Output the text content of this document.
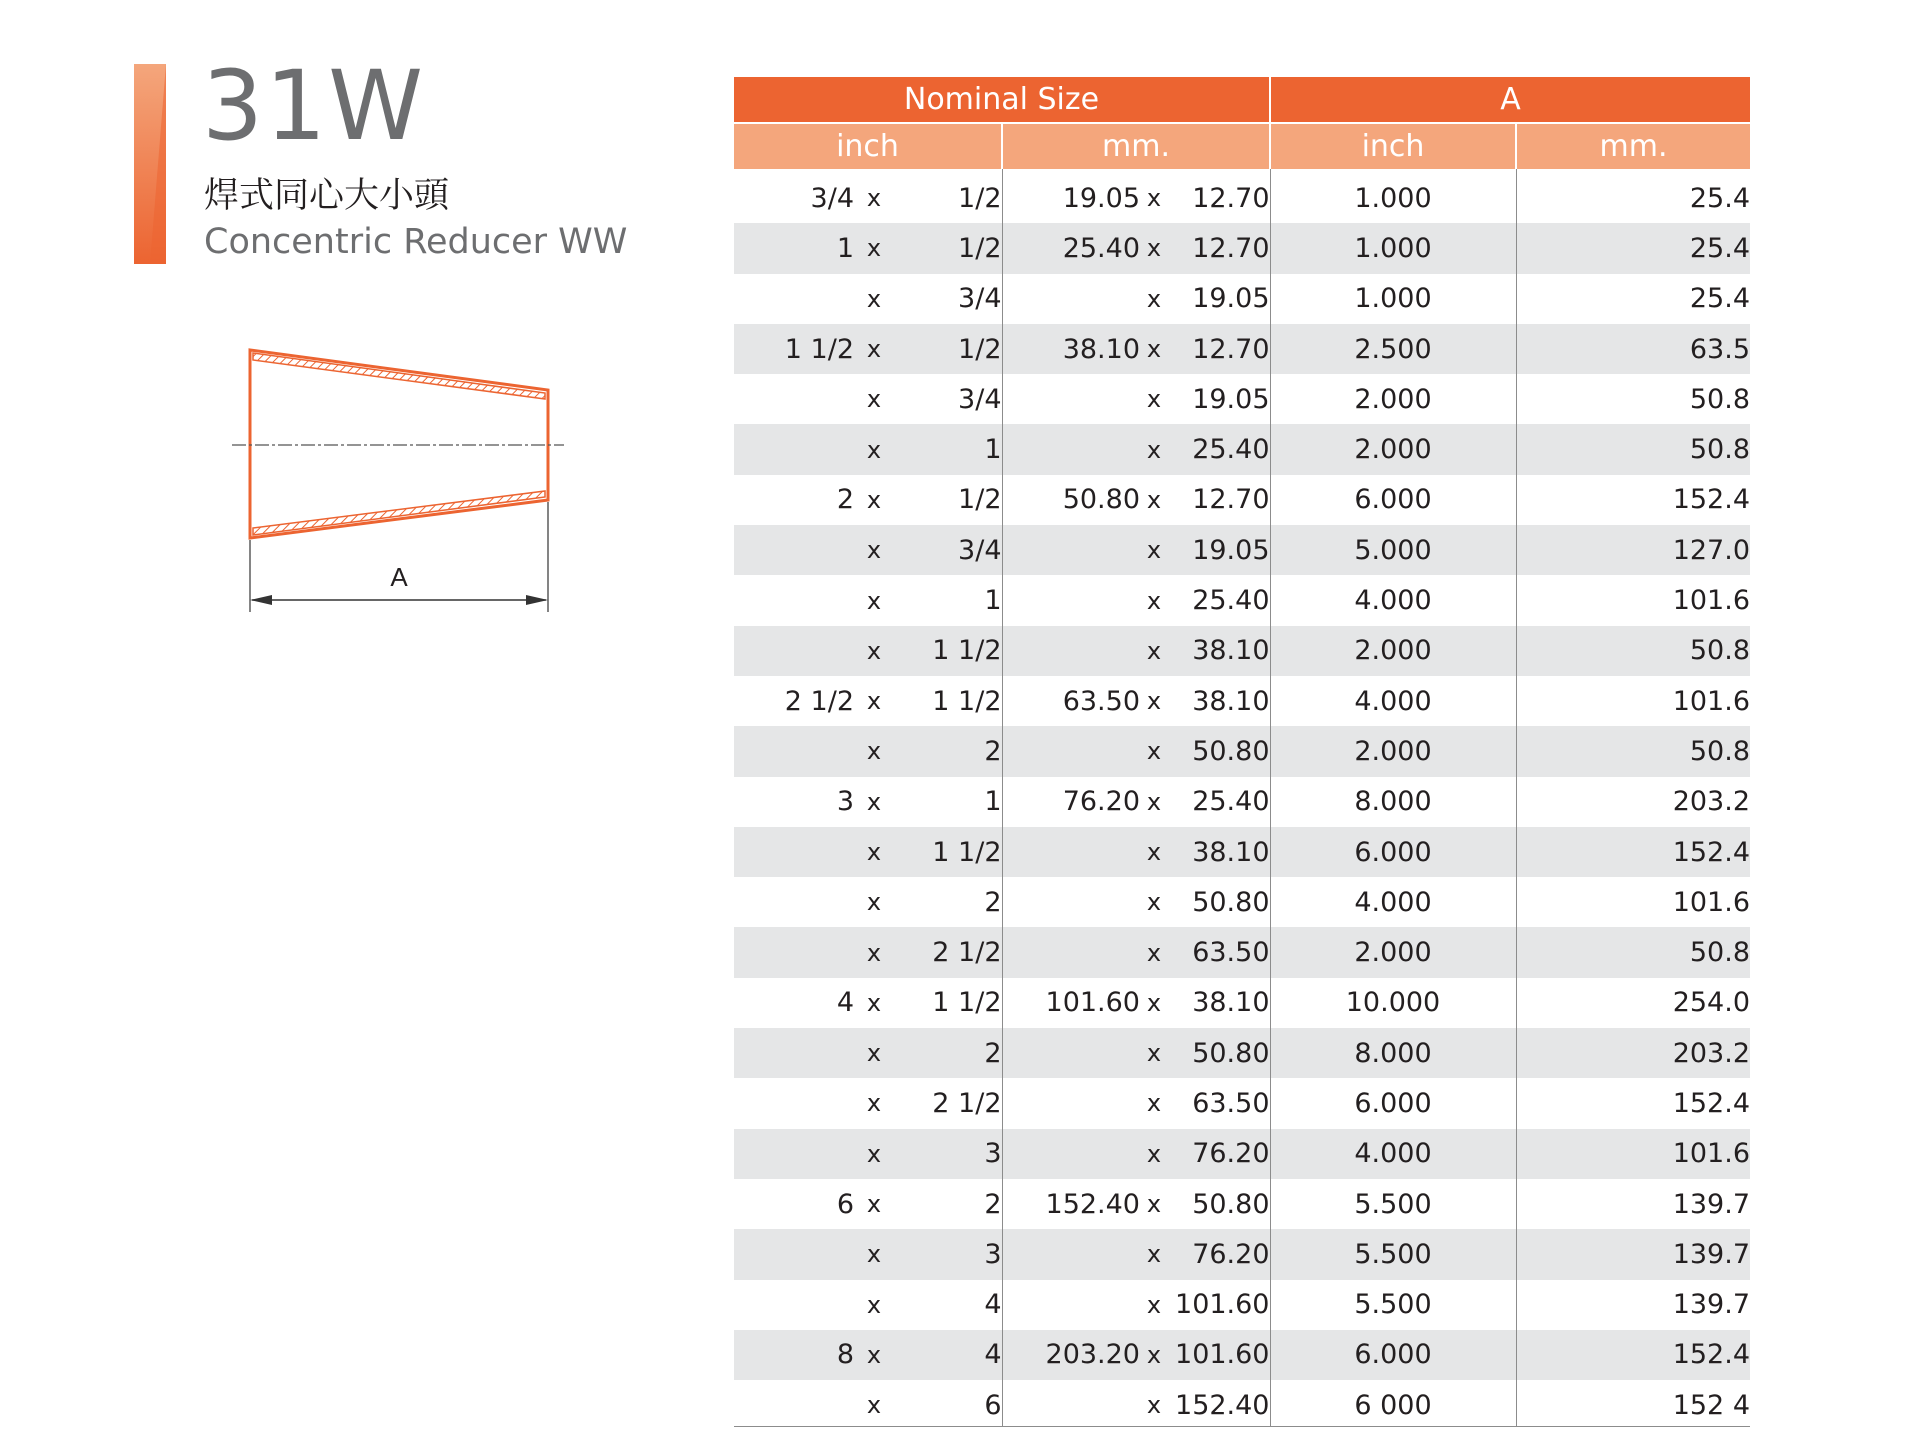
31W
焊式同心大小頭
Concentric Reducer WW
A
Nominal Size						A	
inch			mm.			inch	mm.
3/4	x	1/2	19.05	x	12.70	1.000	25.4
1	x	1/2	25.40	x	12.70	1.000	25.4
	x	3/4		x	19.05	1.000	25.4
1 1/2	x	1/2	38.10	x	12.70	2.500	63.5
	x	3/4		x	19.05	2.000	50.8
	x	1		x	25.40	2.000	50.8
2	x	1/2	50.80	x	12.70	6.000	152.4
	x	3/4		x	19.05	5.000	127.0
	x	1		x	25.40	4.000	101.6
	x	1 1/2		x	38.10	2.000	50.8
2 1/2	x	1 1/2	63.50	x	38.10	4.000	101.6
	x	2		x	50.80	2.000	50.8
3	x	1	76.20	x	25.40	8.000	203.2
	x	1 1/2		x	38.10	6.000	152.4
	x	2		x	50.80	4.000	101.6
	x	2 1/2		x	63.50	2.000	50.8
4	x	1 1/2	101.60	x	38.10	10.000	254.0
	x	2		x	50.80	8.000	203.2
	x	2 1/2		x	63.50	6.000	152.4
	x	3		x	76.20	4.000	101.6
6	x	2	152.40	x	50.80	5.500	139.7
	x	3		x	76.20	5.500	139.7
	x	4		x	101.60	5.500	139.7
8	x	4	203.20	x	101.60	6.000	152.4
	x	6		x	152.40	6 000	152 4
